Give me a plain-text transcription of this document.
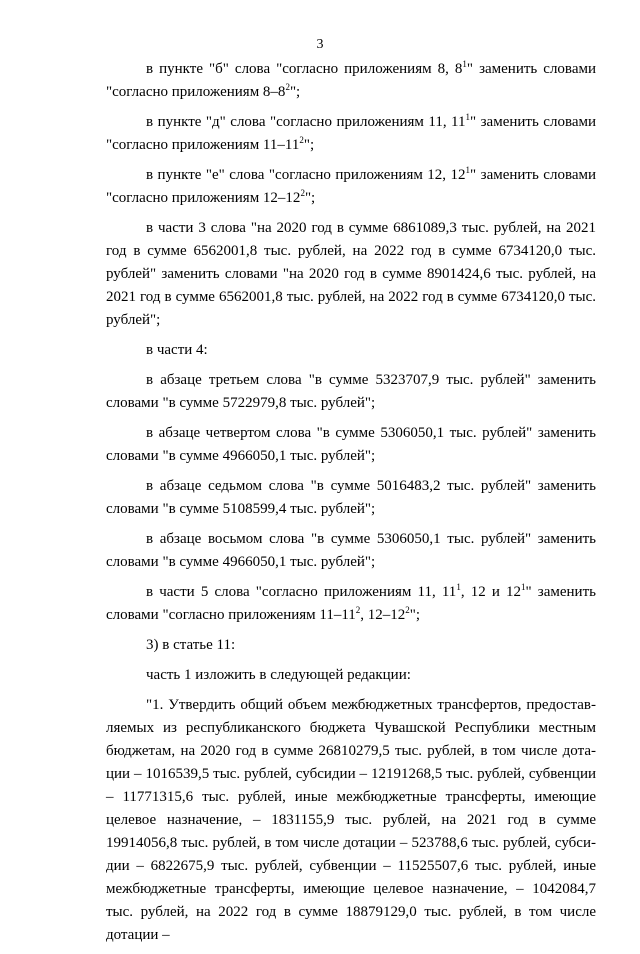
3

в пункте "б" слова "согласно приложениям 8, $8^1$" заменить словами "согласно приложениям $8-8^2$";

в пункте "д" слова "согласно приложениям 11, $11^1$" заменить словами "согласно приложениям $11-11^2$";

в пункте "е" слова "согласно приложениям 12, $12^1$" заменить словами "согласно приложениям $12-12^2$";

в части 3 слова "на 2020 год в сумме 6861089,3 тыс. рублей, на 2021 год в сумме 6562001,8 тыс. рублей, на 2022 год в сумме 6734120,0 тыс. рублей" заменить словами "на 2020 год в сумме 8901424,6 тыс. рублей, на 2021 год в сумме 6562001,8 тыс. рублей, на 2022 год в сумме 6734120,0 тыс. рублей";

в части 4:

в абзаце третьем слова "в сумме 5323707,9 тыс. рублей" заменить словами "в сумме 5722979,8 тыс. рублей";

в абзаце четвертом слова "в сумме 5306050,1 тыс. рублей" заменить словами "в сумме 4966050,1 тыс. рублей";

в абзаце седьмом слова "в сумме 5016483,2 тыс. рублей" заменить словами "в сумме 5108599,4 тыс. рублей";

в абзаце восьмом слова "в сумме 5306050,1 тыс. рублей" заменить словами "в сумме 4966050,1 тыс. рублей";

в части 5 слова "согласно приложениям 11, $11^1$, 12 и $12^1$" заменить словами "согласно приложениям $11-11^2$, $12-12^2$";

3) в статье 11:

часть 1 изложить в следующей редакции:

"1. Утвердить общий объем межбюджетных трансфертов, предоставляемых из республиканского бюджета Чувашской Республики местным бюджетам, на 2020 год в сумме 26810279,5 тыс. рублей, в том числе дотации – 1016539,5 тыс. рублей, субсидии – 12191268,5 тыс. рублей, субвенции – 11771315,6 тыс. рублей, иные межбюджетные трансферты, имеющие целевое назначение, – 1831155,9 тыс. рублей, на 2021 год в сумме 19914056,8 тыс. рублей, в том числе дотации – 523788,6 тыс. рублей, субсидии – 6822675,9 тыс. рублей, субвенции – 11525507,6 тыс. рублей, иные межбюджетные трансферты, имеющие целевое назначение, – 1042084,7 тыс. рублей, на 2022 год в сумме 18879129,0 тыс. рублей, в том числе дотации –
